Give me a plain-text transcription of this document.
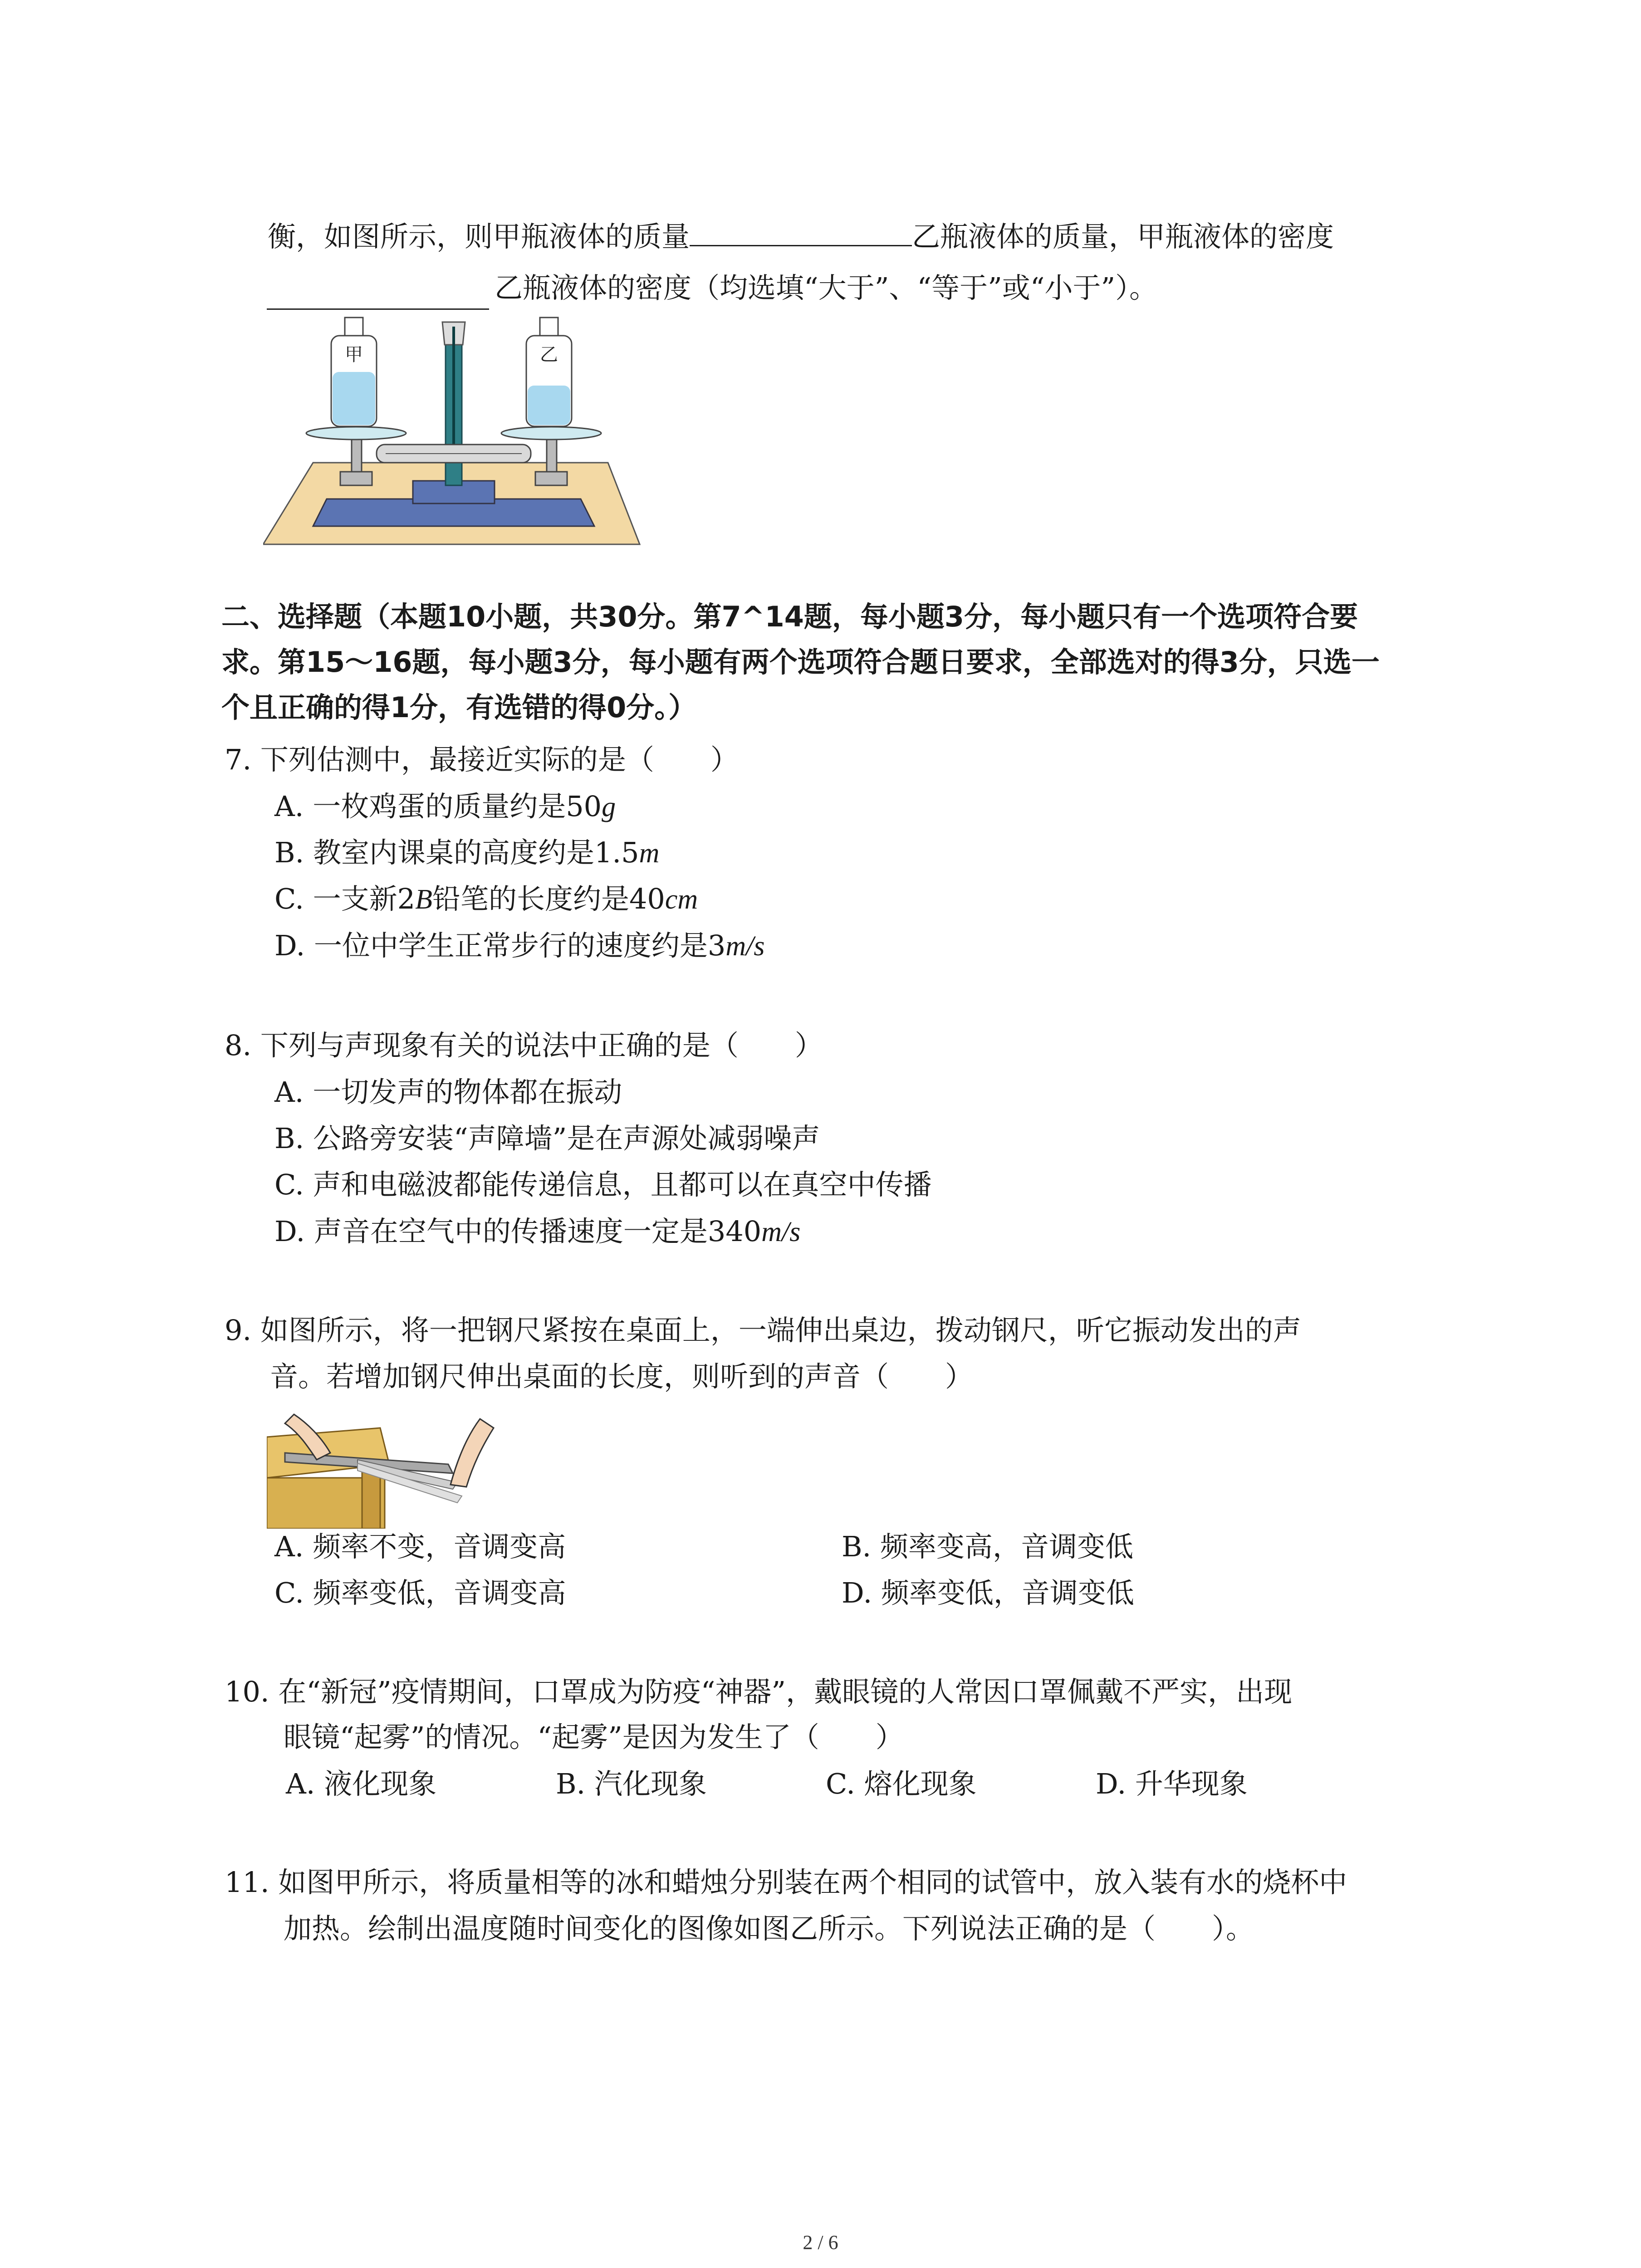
衡，如图所示，则甲瓶液体的质量	乙瓶液体的质量，甲瓶液体的密度
乙瓶液体的密度（均选填“大于”、“等于”或“小于”）。
甲	乙
二、选择题（本题10小题，共30分。第7^14题，每小题3分，每小题只有一个选项符合要
求。第15～16题，每小题3分，每小题有两个选项符合题日要求，全部选对的得3分，只选一
个且正确的得1分，有选错的得0分。）
7. 下列估测中，最接近实际的是（　　）
A. 一枚鸡蛋的质量约是50g
B. 教室内课桌的高度约是1.5m
C. 一支新2B铅笔的长度约是40cm
D. 一位中学生正常步行的速度约是3m/s
8. 下列与声现象有关的说法中正确的是（　　）
A. 一切发声的物体都在振动
B. 公路旁安装“声障墙”是在声源处减弱噪声
C. 声和电磁波都能传递信息，且都可以在真空中传播
D. 声音在空气中的传播速度一定是340m/s
9. 如图所示，将一把钢尺紧按在桌面上，一端伸出桌边，拨动钢尺，听它振动发出的声
音。若增加钢尺伸出桌面的长度，则听到的声音（　　）
A. 频率不变，音调变高	B. 频率变高，音调变低
C. 频率变低，音调变高	D. 频率变低，音调变低
10. 在“新冠”疫情期间，口罩成为防疫“神器”，戴眼镜的人常因口罩佩戴不严实，出现
眼镜“起雾”的情况。“起雾”是因为发生了（　　）
A. 液化现象	B. 汽化现象	C. 熔化现象	D. 升华现象
11. 如图甲所示，将质量相等的冰和蜡烛分别装在两个相同的试管中，放入装有水的烧杯中
加热。绘制出温度随时间变化的图像如图乙所示。下列说法正确的是（　　）。
2 / 6
